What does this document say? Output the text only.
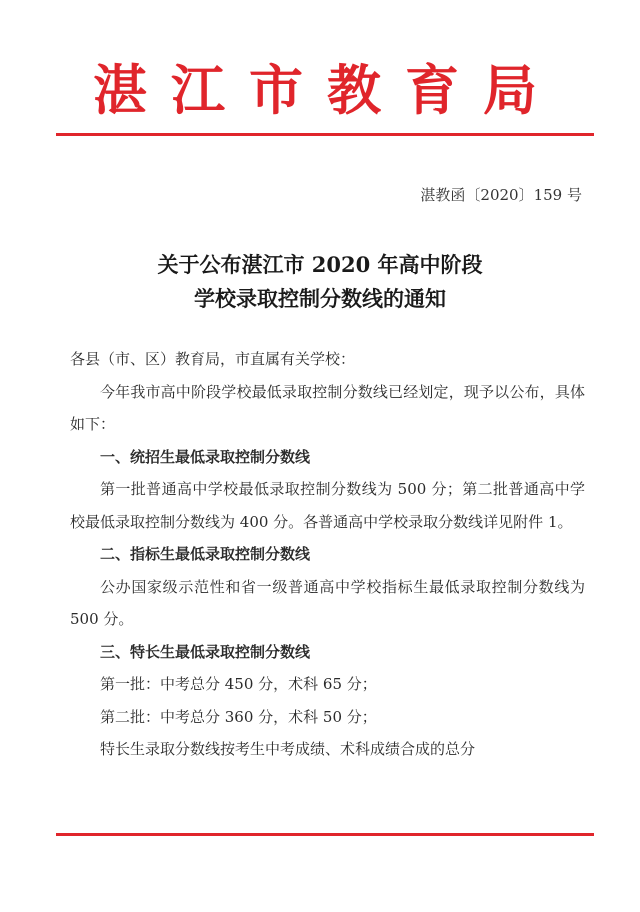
湛江市教育局
湛教函〔2020〕159 号
关于公布湛江市 2020 年高中阶段
学校录取控制分数线的通知

各县（市、区）教育局，市直属有关学校：

今年我市高中阶段学校最低录取控制分数线已经划定，现予以公布，具体如下：

一、统招生最低录取控制分数线

第一批普通高中学校最低录取控制分数线为 500 分；第二批普通高中学校最低录取控制分数线为 400 分。各普通高中学校录取分数线详见附件 1。

二、指标生最低录取控制分数线

公办国家级示范性和省一级普通高中学校指标生最低录取控制分数线为 500 分。

三、特长生最低录取控制分数线

第一批：中考总分 450 分，术科 65 分；

第二批：中考总分 360 分，术科 50 分；

特长生录取分数线按考生中考成绩、术科成绩合成的总分
